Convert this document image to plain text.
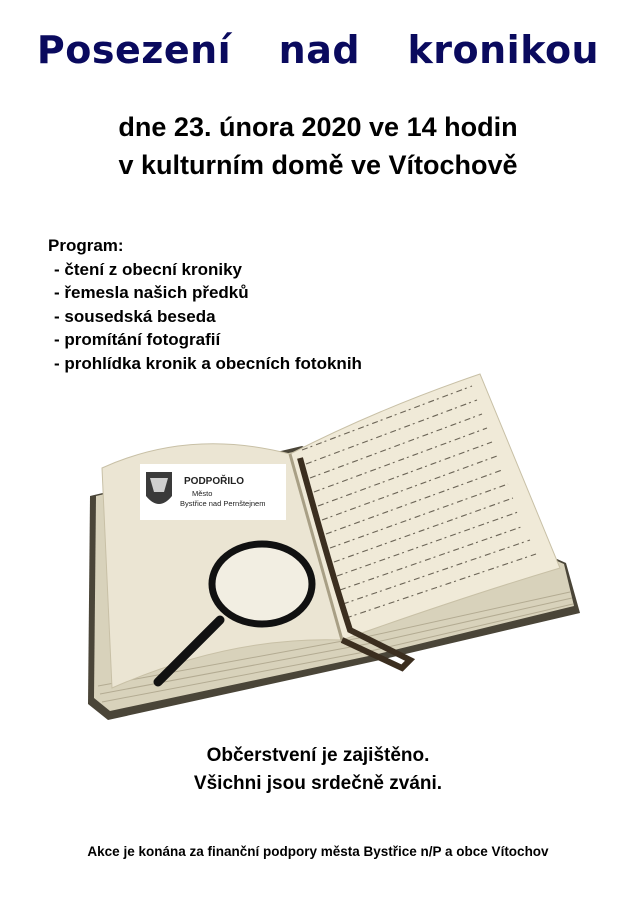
Posezení  nad  kronikou
dne 23. února 2020 ve 14 hodin
v kulturním domě ve Vítochově
Program:
- čtení z obecní kroniky
- řemesla našich předků
- sousedská beseda
- promítání fotografií
- prohlídka kronik a obecních fotoknih
PODPOŘILO
Město
Bystřice nad Pernštejnem
Občerstvení je zajištěno.
Všichni jsou srdečně zváni.
Akce je konána za finanční podpory města Bystřice n/P a obce Vítochov
